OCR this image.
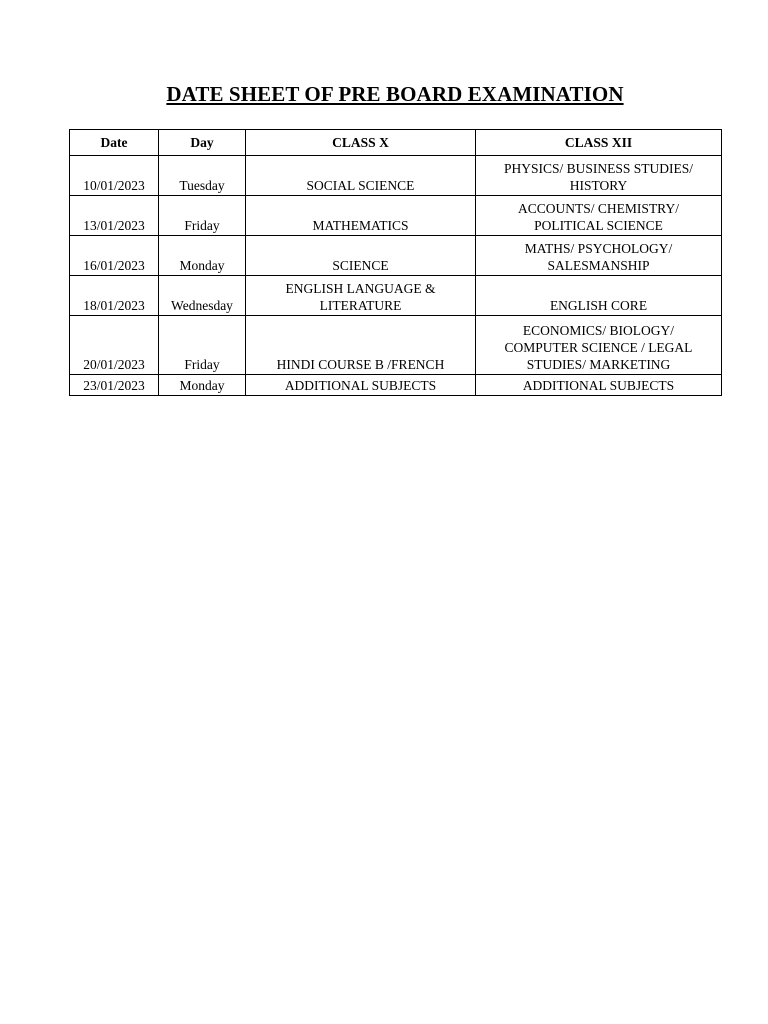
DATE SHEET OF PRE BOARD EXAMINATION
Date	Day	CLASS X	CLASS XII
10/01/2023	Tuesday	SOCIAL SCIENCE	PHYSICS/ BUSINESS STUDIES/
HISTORY

13/01/2023	Friday	MATHEMATICS	ACCOUNTS/ CHEMISTRY/
POLITICAL SCIENCE

16/01/2023	Monday	SCIENCE	MATHS/ PSYCHOLOGY/
SALESMANSHIP

18/01/2023	Wednesday	ENGLISH LANGUAGE &
LITERATURE	ENGLISH CORE

20/01/2023	Friday	HINDI COURSE B /FRENCH	ECONOMICS/ BIOLOGY/
COMPUTER SCIENCE / LEGAL
STUDIES/ MARKETING

23/01/2023	Monday	ADDITIONAL SUBJECTS	ADDITIONAL SUBJECTS
